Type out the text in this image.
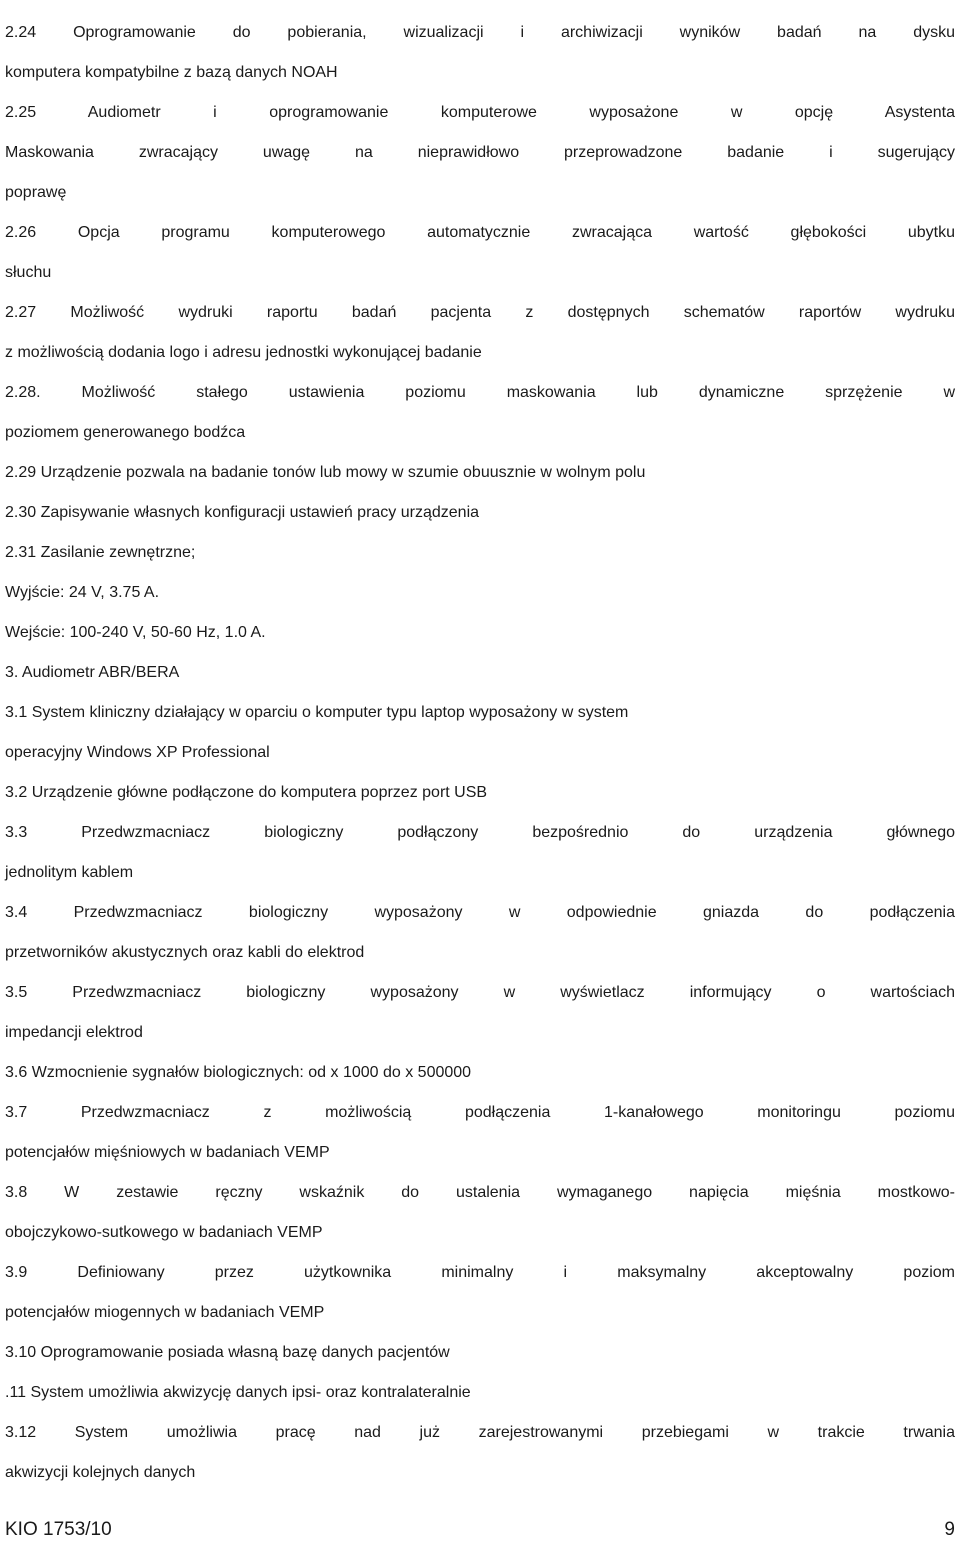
2.24 Oprogramowanie do pobierania, wizualizacji i archiwizacji wyników badań na dysku
komputera kompatybilne z bazą danych NOAH
2.25 Audiometr i oprogramowanie komputerowe wyposażone w opcję Asystenta
Maskowania zwracający uwagę na nieprawidłowo przeprowadzone badanie i sugerujący
poprawę
2.26 Opcja programu komputerowego automatycznie zwracająca wartość głębokości ubytku
słuchu
2.27 Możliwość wydruki raportu badań pacjenta z dostępnych schematów raportów wydruku
z możliwością dodania logo i adresu jednostki wykonującej badanie
2.28. Możliwość stałego ustawienia poziomu maskowania lub dynamiczne sprzężenie w
poziomem generowanego bodźca
2.29 Urządzenie pozwala na badanie tonów lub mowy w szumie obuusznie w wolnym polu
2.30 Zapisywanie własnych konfiguracji ustawień pracy urządzenia
2.31 Zasilanie zewnętrzne;
Wyjście: 24 V, 3.75 A.
Wejście: 100-240 V, 50-60 Hz, 1.0 A.
3. Audiometr ABR/BERA
3.1 System kliniczny działający w oparciu o komputer typu laptop wyposażony w system
operacyjny Windows XP Professional
3.2 Urządzenie główne podłączone do komputera poprzez port USB
3.3 Przedwzmacniacz biologiczny podłączony bezpośrednio do urządzenia głównego
jednolitym kablem
3.4 Przedwzmacniacz biologiczny wyposażony w odpowiednie gniazda do podłączenia
przetworników akustycznych oraz kabli do elektrod
3.5 Przedwzmacniacz biologiczny wyposażony w wyświetlacz informujący o wartościach
impedancji elektrod
3.6 Wzmocnienie sygnałów biologicznych: od x 1000 do x 500000
3.7 Przedwzmacniacz z możliwością podłączenia 1-kanałowego monitoringu poziomu
potencjałów mięśniowych w badaniach VEMP
3.8 W zestawie ręczny wskaźnik do ustalenia wymaganego napięcia mięśnia mostkowo-
obojczykowo-sutkowego w badaniach VEMP
3.9 Definiowany przez użytkownika minimalny i maksymalny akceptowalny poziom
potencjałów miogennych w badaniach VEMP
3.10 Oprogramowanie posiada własną bazę danych pacjentów
.11 System umożliwia akwizycję danych ipsi- oraz kontralateralnie
3.12 System umożliwia pracę nad już zarejestrowanymi przebiegami w trakcie trwania
akwizycji kolejnych danych
KIO 1753/10	9
